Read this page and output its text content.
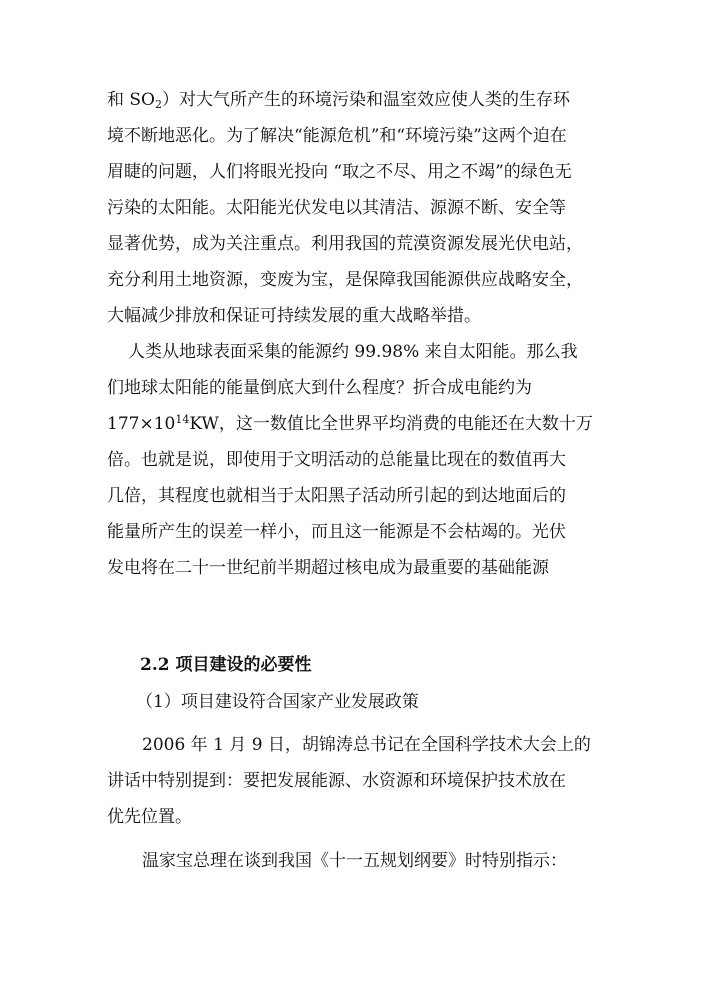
和 $SO_2$）对大气所产生的环境污染和温室效应使人类的生存环
境不断地恶化。为了解决“能源危机”和“环境污染”这两个迫在
眉睫的问题，人们将眼光投向 “取之不尽、用之不竭”的绿色无
污染的太阳能。太阳能光伏发电以其清洁、源源不断、安全等
显著优势，成为关注重点。利用我国的荒漠资源发展光伏电站，
充分利用土地资源，变废为宝，是保障我国能源供应战略安全，
大幅减少排放和保证可持续发展的重大战略举措。
人类从地球表面采集的能源约 99.98% 来自太阳能。那么我
们地球太阳能的能量倒底大到什么程度？折合成电能约为
$177\times 10^{14}KW$，这一数值比全世界平均消费的电能还在大数十万
倍。也就是说，即使用于文明活动的总能量比现在的数值再大
几倍，其程度也就相当于太阳黑子活动所引起的到达地面后的
能量所产生的误差一样小，而且这一能源是不会枯竭的。光伏
发电将在二十一世纪前半期超过核电成为最重要的基础能源
2.2 项目建设的必要性
（1）项目建设符合国家产业发展政策
2006 年 1 月 9 日，胡锦涛总书记在全国科学技术大会上的
讲话中特别提到：要把发展能源、水资源和环境保护技术放在
优先位置。
温家宝总理在谈到我国《十一五规划纲要》时特别指示：
